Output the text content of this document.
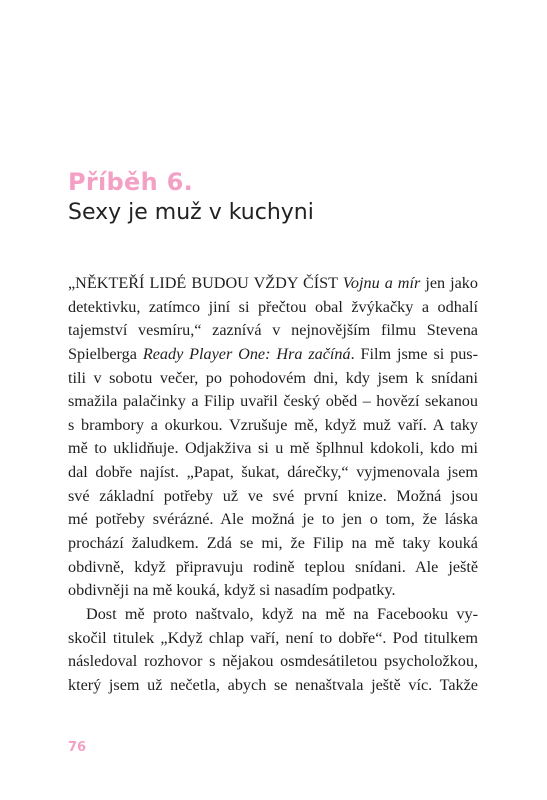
Příběh 6.
Sexy je muž v kuchyni
„NĚKTEŘÍ LIDÉ BUDOU VŽDY ČÍST Vojnu a mír jen jako
detektivku, zatímco jiní si přečtou obal žvýkačky a odhalí
tajemství vesmíru,“ zaznívá v nejnovějším filmu Stevena
Spielberga Ready Player One: Hra začíná. Film jsme si pus-
tili v sobotu večer, po pohodovém dni, kdy jsem k snídani
smažila palačinky a Filip uvařil český oběd – hovězí sekanou
s brambory a okurkou. Vzrušuje mě, když muž vaří. A taky
mě to uklidňuje. Odjakživa si u mě šplhnul kdokoli, kdo mi
dal dobře najíst. „Papat, šukat, dárečky,“ vyjmenovala jsem
své základní potřeby už ve své první knize. Možná jsou
mé potřeby svérázné. Ale možná je to jen o tom, že láska
prochází žaludkem. Zdá se mi, že Filip na mě taky kouká
obdivně, když připravuju rodině teplou snídani. Ale ještě
obdivněji na mě kouká, když si nasadím podpatky.
Dost mě proto naštvalo, když na mě na Facebooku vy-
skočil titulek „Když chlap vaří, není to dobře“. Pod titulkem
následoval rozhovor s nějakou osmdesátiletou psycholožkou,
který jsem už nečetla, abych se nenaštvala ještě víc. Takže
76
